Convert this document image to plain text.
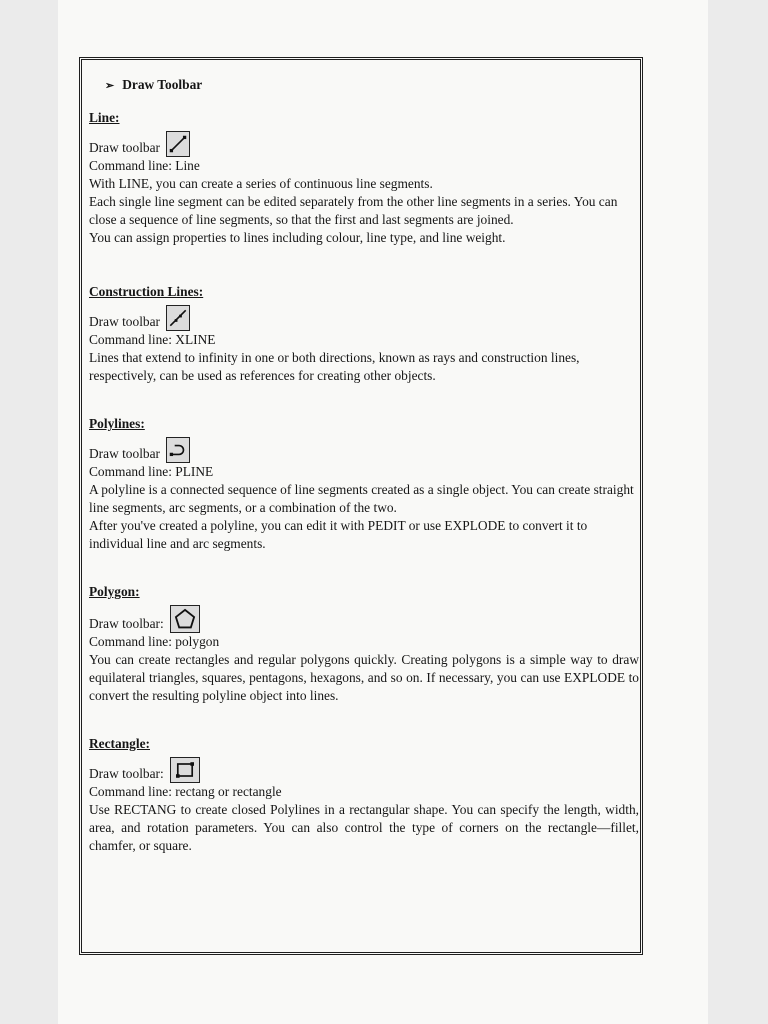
➢ Draw Toolbar
Line:
Draw toolbar

Command line: Line

With LINE, you can create a series of continuous line segments.

Each single line segment can be edited separately from the other line segments in a series. You can close a sequence of line segments, so that the first and last segments are joined.

You can assign properties to lines including colour, line type, and line weight.

Construction Lines:
Draw toolbar

Command line: XLINE

Lines that extend to infinity in one or both directions, known as rays and construction lines, respectively, can be used as references for creating other objects.

Polylines:
Draw toolbar

Command line: PLINE

A polyline is a connected sequence of line segments created as a single object. You can create straight line segments, arc segments, or a combination of the two.

After you've created a polyline, you can edit it with PEDIT or use EXPLODE to convert it to individual line and arc segments.

Polygon:
Draw toolbar:

Command line: polygon

You can create rectangles and regular polygons quickly. Creating polygons is a simple way to draw equilateral triangles, squares, pentagons, hexagons, and so on. If necessary, you can use EXPLODE to convert the resulting polyline object into lines.

Rectangle:
Draw toolbar:

Command line: rectang or rectangle

Use RECTANG to create closed Polylines in a rectangular shape. You can specify the length, width, area, and rotation parameters. You can also control the type of corners on the rectangle—fillet, chamfer, or square.
